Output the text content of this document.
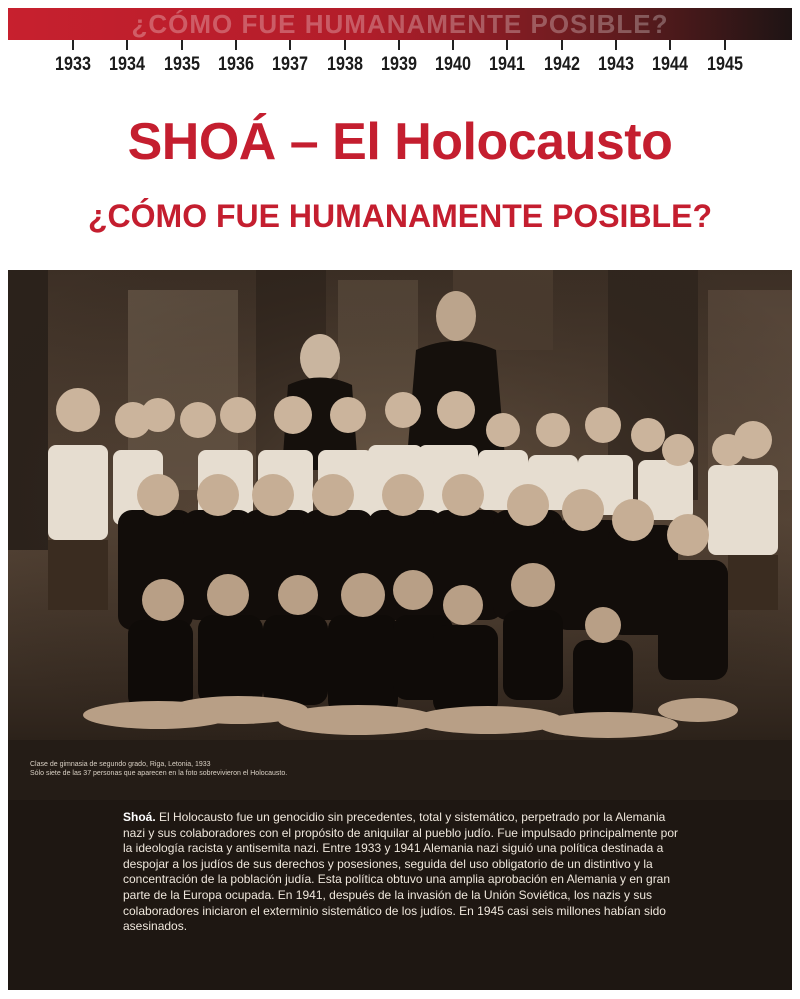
¿CÓMO FUE HUMANAMENTE POSIBLE?
1933 1934 1935 1936 1937 1938 1939 1940 1941 1942 1943 1944 1945
SHOÁ – El Holocausto
¿CÓMO FUE HUMANAMENTE POSIBLE?
Clase de gimnasia de segundo grado, Riga, Letonia, 1933
Sólo siete de las 37 personas que aparecen en la foto sobrevivieron el Holocausto.
Shoá. El Holocausto fue un genocidio sin precedentes, total y sistemático, perpetrado por la Alemania nazi y sus colaboradores con el propósito de aniquilar al pueblo judío. Fue impulsado principalmente por la ideología racista y antisemita nazi. Entre 1933 y 1941 Alemania nazi siguió una política destinada a despojar a los judíos de sus derechos y posesiones, seguida del uso obligatorio de un distintivo y la concentración de la población judía. Esta política obtuvo una amplia aprobación en Alemania y en gran parte de la Europa ocupada. En 1941, después de la invasión de la Unión Soviética, los nazis y sus colaboradores iniciaron el exterminio sistemático de los judíos. En 1945 casi seis millones habían sido asesinados.
